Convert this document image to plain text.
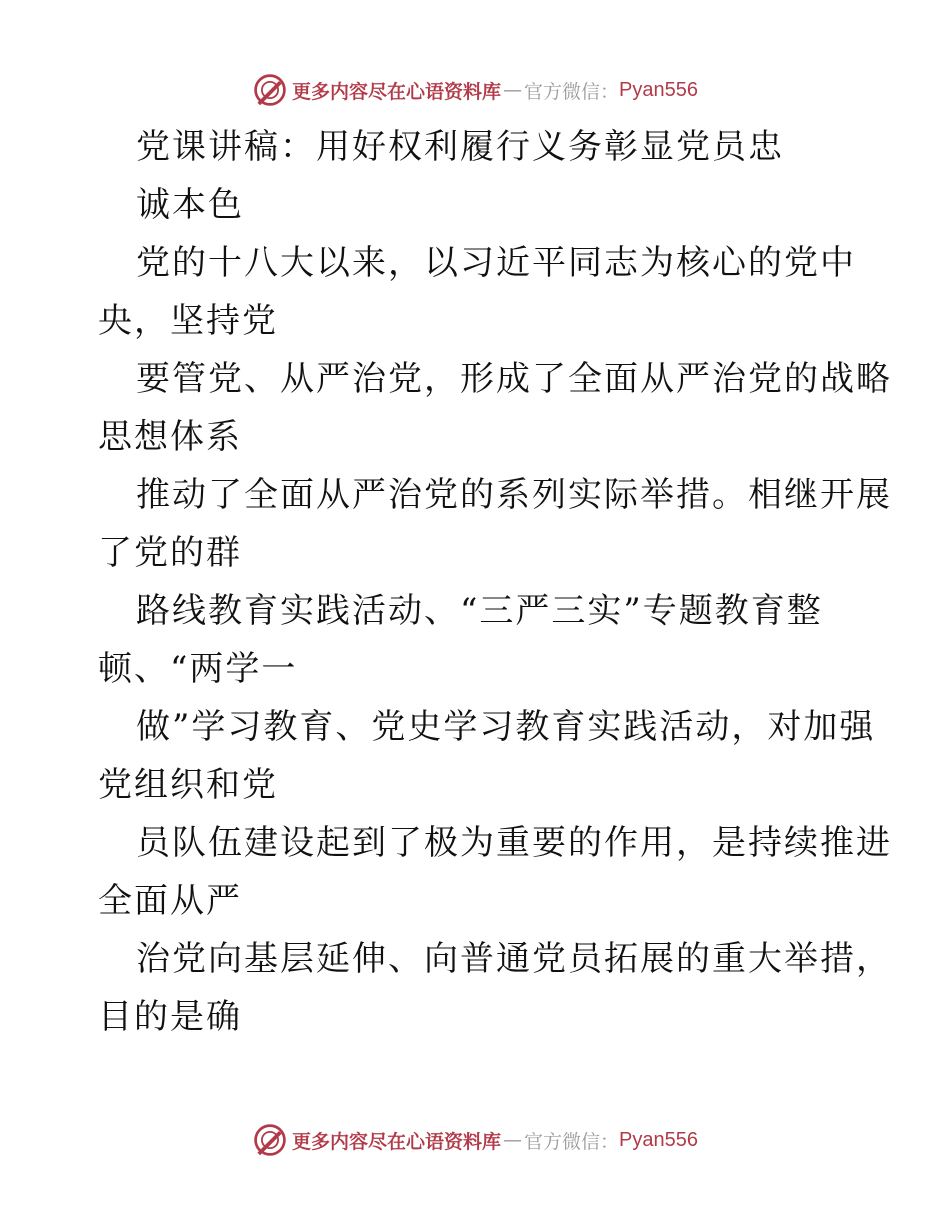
更多内容尽在心语资料库 — 官方微信： Pyan556
党课讲稿：用好权利履行义务彰显党员忠
诚本色
党的十八大以来，以习近平同志为核心的党中
央，坚持党
要管党、从严治党，形成了全面从严治党的战略
思想体系
推动了全面从严治党的系列实际举措。相继开展
了党的群
路线教育实践活动、“三严三实”专题教育整
顿、“两学一
做”学习教育、党史学习教育实践活动，对加强
党组织和党
员队伍建设起到了极为重要的作用，是持续推进
全面从严
治党向基层延伸、向普通党员拓展的重大举措，
目的是确
更多内容尽在心语资料库 — 官方微信： Pyan556
